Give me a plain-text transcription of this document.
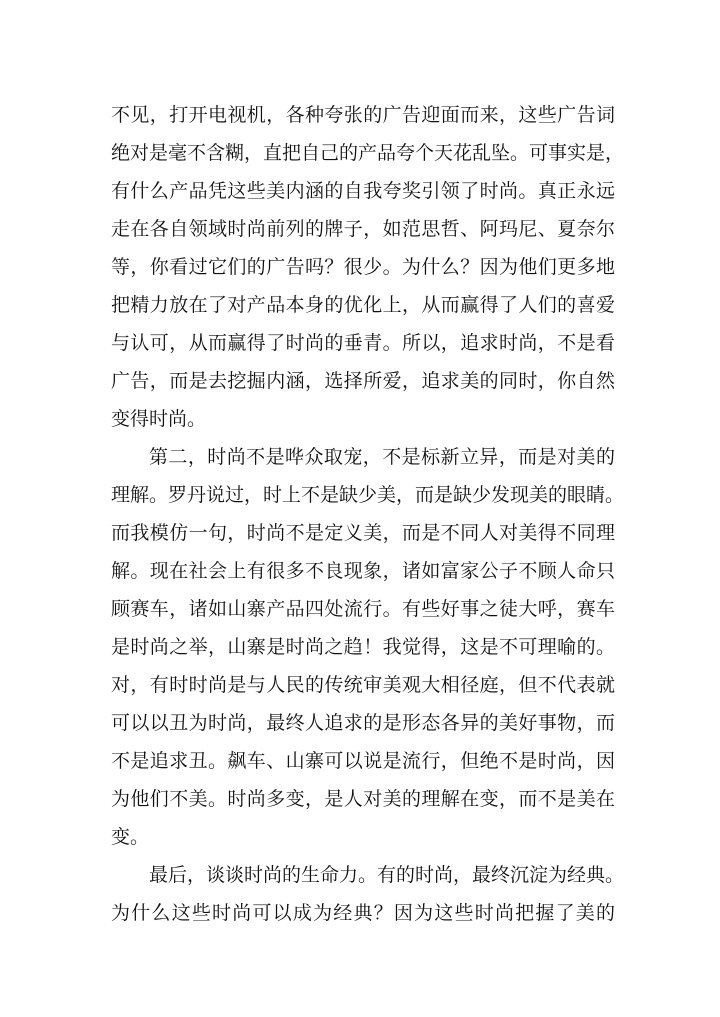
不见，打开电视机，各种夸张的广告迎面而来，这些广告词
绝对是毫不含糊，直把自己的产品夸个天花乱坠。可事实是，
有什么产品凭这些美内涵的自我夸奖引领了时尚。真正永远
走在各自领域时尚前列的牌子，如范思哲、阿玛尼、夏奈尔
等，你看过它们的广告吗？很少。为什么？因为他们更多地
把精力放在了对产品本身的优化上，从而赢得了人们的喜爱
与认可，从而赢得了时尚的垂青。所以，追求时尚，不是看
广告，而是去挖掘内涵，选择所爱，追求美的同时，你自然
变得时尚。
第二，时尚不是哗众取宠，不是标新立异，而是对美的
理解。罗丹说过，时上不是缺少美，而是缺少发现美的眼睛。
而我模仿一句，时尚不是定义美，而是不同人对美得不同理
解。现在社会上有很多不良现象，诸如富家公子不顾人命只
顾赛车，诸如山寨产品四处流行。有些好事之徒大呼，赛车
是时尚之举，山寨是时尚之趋！我觉得，这是不可理喻的。
对，有时时尚是与人民的传统审美观大相径庭，但不代表就
可以以丑为时尚，最终人追求的是形态各异的美好事物，而
不是追求丑。飙车、山寨可以说是流行，但绝不是时尚，因
为他们不美。时尚多变，是人对美的理解在变，而不是美在
变。
最后，谈谈时尚的生命力。有的时尚，最终沉淀为经典。
为什么这些时尚可以成为经典？因为这些时尚把握了美的
